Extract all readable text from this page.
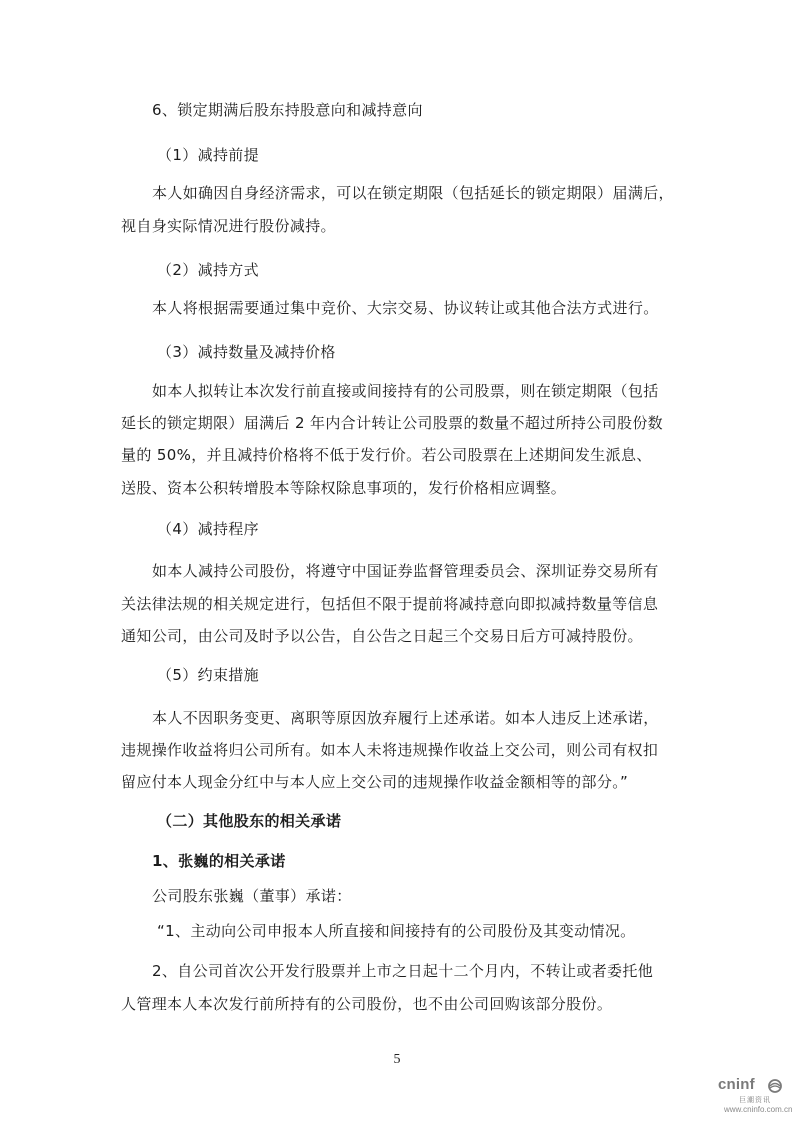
6、锁定期满后股东持股意向和减持意向
（1）减持前提
本人如确因自身经济需求，可以在锁定期限（包括延长的锁定期限）届满后，
视自身实际情况进行股份减持。
（2）减持方式
本人将根据需要通过集中竞价、大宗交易、协议转让或其他合法方式进行。
（3）减持数量及减持价格
如本人拟转让本次发行前直接或间接持有的公司股票，则在锁定期限（包括
延长的锁定期限）届满后 2 年内合计转让公司股票的数量不超过所持公司股份数
量的 50%，并且减持价格将不低于发行价。若公司股票在上述期间发生派息、
送股、资本公积转增股本等除权除息事项的，发行价格相应调整。
（4）减持程序
如本人减持公司股份，将遵守中国证券监督管理委员会、深圳证券交易所有
关法律法规的相关规定进行，包括但不限于提前将减持意向即拟减持数量等信息
通知公司，由公司及时予以公告，自公告之日起三个交易日后方可减持股份。
（5）约束措施
本人不因职务变更、离职等原因放弃履行上述承诺。如本人违反上述承诺，
违规操作收益将归公司所有。如本人未将违规操作收益上交公司，则公司有权扣
留应付本人现金分红中与本人应上交公司的违规操作收益金额相等的部分。”
（二）其他股东的相关承诺
1、张巍的相关承诺
公司股东张巍（董事）承诺：
“1、主动向公司申报本人所直接和间接持有的公司股份及其变动情况。
2、自公司首次公开发行股票并上市之日起十二个月内，不转让或者委托他
人管理本人本次发行前所持有的公司股份，也不由公司回购该部分股份。
5
cninf
巨潮资讯
www.cninfo.com.cn
